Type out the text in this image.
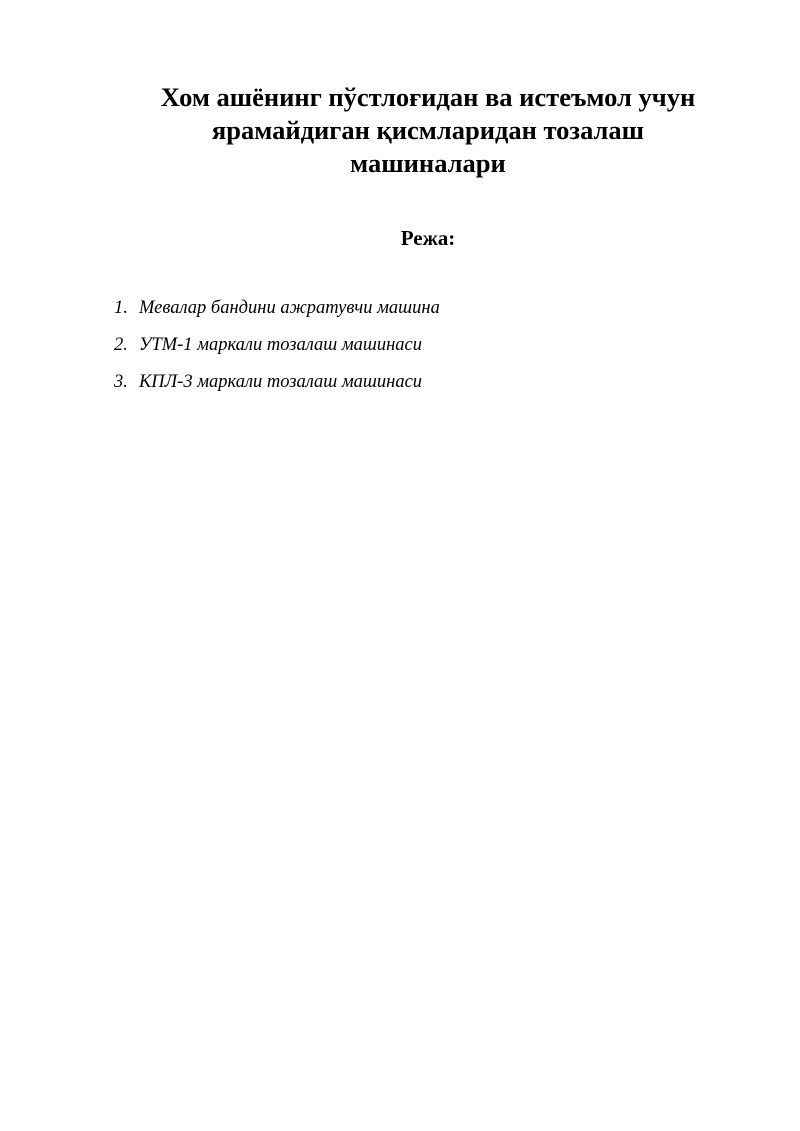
Хом ашёнинг пўстлоғидан ва истеъмол учун
ярамайдиган қисмларидан тозалаш
машиналари
Режа:
1. Мевалар бандини ажратувчи машина
2. УТМ-1 маркали тозалаш машинаси
3. КПЛ-3 маркали тозалаш машинаси
